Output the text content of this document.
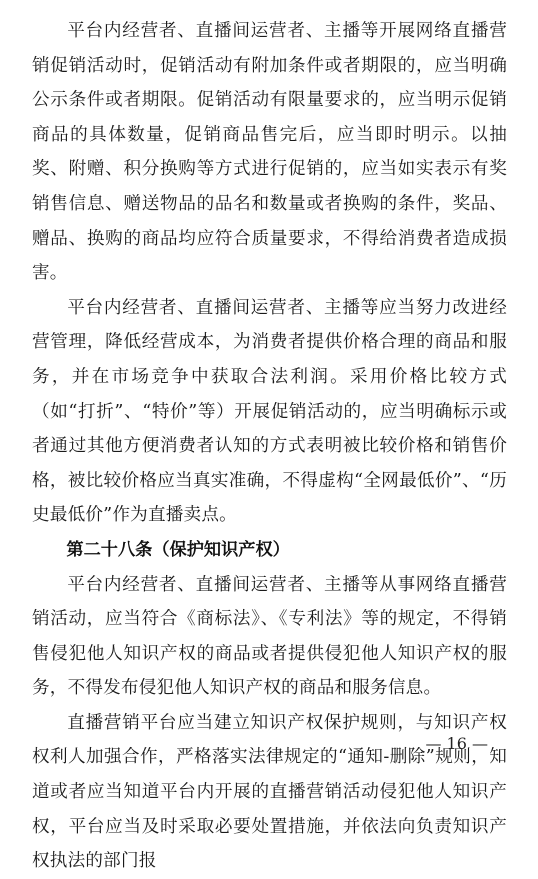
平台内经营者、直播间运营者、主播等开展网络直播营销促销活动时，促销活动有附加条件或者期限的，应当明确公示条件或者期限。促销活动有限量要求的，应当明示促销商品的具体数量，促销商品售完后，应当即时明示。以抽奖、附赠、积分换购等方式进行促销的，应当如实表示有奖销售信息、赠送物品的品名和数量或者换购的条件，奖品、赠品、换购的商品均应符合质量要求，不得给消费者造成损害。

平台内经营者、直播间运营者、主播等应当努力改进经营管理，降低经营成本，为消费者提供价格合理的商品和服务，并在市场竞争中获取合法利润。采用价格比较方式（如“打折”、“特价”等）开展促销活动的，应当明确标示或者通过其他方便消费者认知的方式表明被比较价格和销售价格，被比较价格应当真实准确，不得虚构“全网最低价”、“历史最低价”作为直播卖点。

第二十八条（保护知识产权）

平台内经营者、直播间运营者、主播等从事网络直播营销活动，应当符合《商标法》、《专利法》等的规定，不得销售侵犯他人知识产权的商品或者提供侵犯他人知识产权的服务，不得发布侵犯他人知识产权的商品和服务信息。

直播营销平台应当建立知识产权保护规则，与知识产权权利人加强合作，严格落实法律规定的“通知-删除”规则，知道或者应当知道平台内开展的直播营销活动侵犯他人知识产权，平台应当及时采取必要处置措施，并依法向负责知识产权执法的部门报

— 16 —
